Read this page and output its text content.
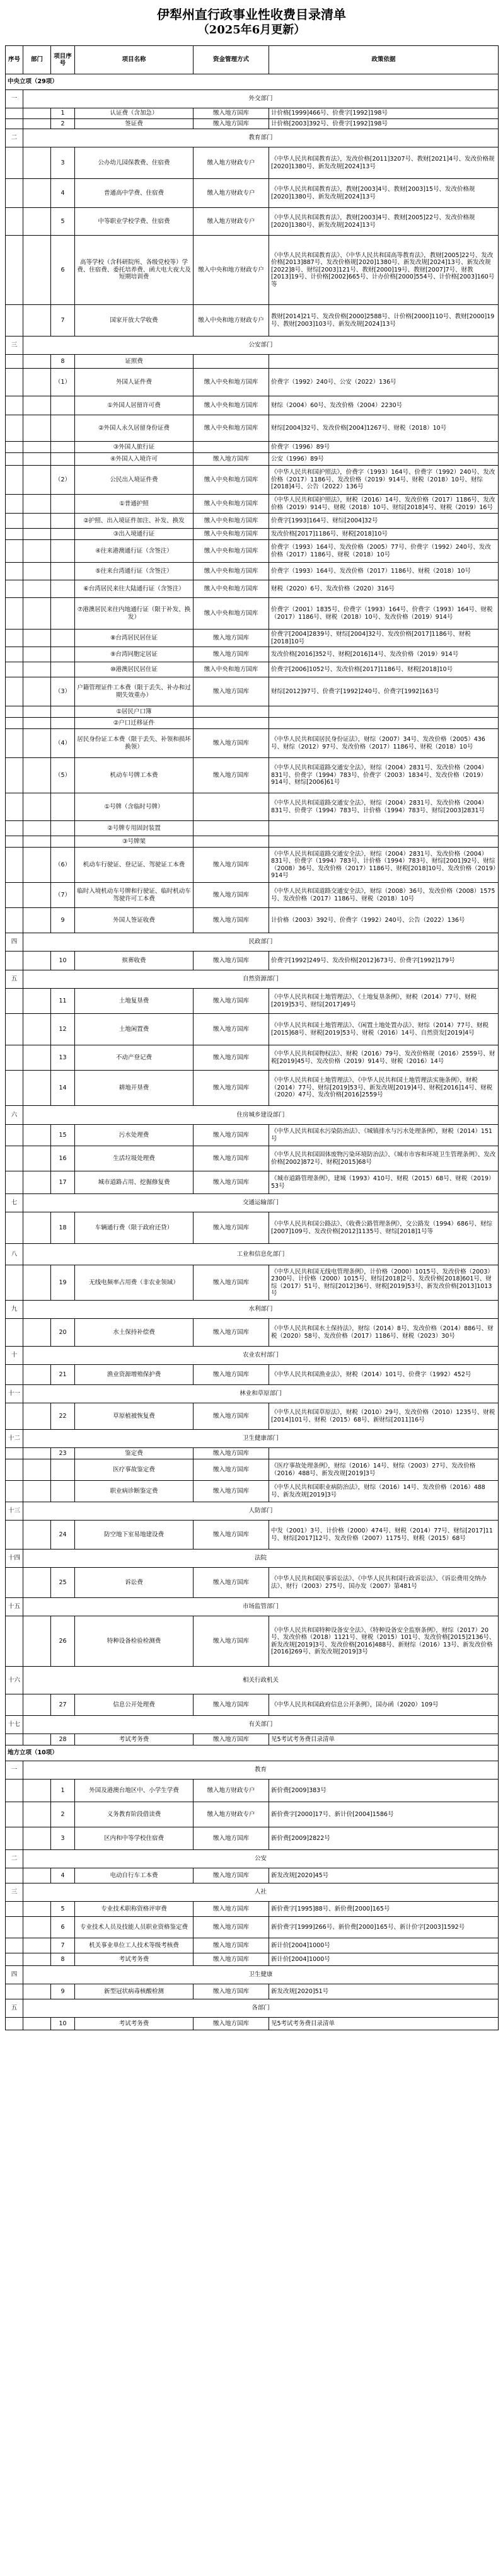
伊犁州直行政事业性收费目录清单
（2025年6月更新）
序号	部门	项目序号	项目名称	资金管理方式	政策依据
中央立项（29项）					
一	外交部门				
		1	认证费（含加急）	缴入地方国库	计价格[1999]466号、价费字[1992]198号
		2	签证费	缴入地方国库	计价格[2003]392号、价费字[1992]198号
二	教育部门				
		3	公办幼儿园保教费、住宿费	缴入地方财政专户	《中华人民共和国教育法》，发改价格[2011]3207号、教财[2021]4号、发改价格规[2020]1380号、新发改规[2024]13号
		4	普通高中学费、住宿费	缴入地方财政专户	《中华人民共和国教育法》，教财[2003]4号、教财[2003]15号、发改价格规[2020]1380号、新发改规[2024]13号
		5	中等职业学校学费、住宿费	缴入地方财政专户	《中华人民共和国教育法》，教财[2003]4号、教财[2005]22号、发改价格规[2020]1380号、新发改规[2024]13号
		6	高等学校（含科研院所、各级党校等）学费、住宿费、委托培养费、函大电大夜大及短期培训费	缴入中央和地方财政专户	《中华人民共和国教育法》、《中华人民共和国高等教育法》，教财[2005]22号、发改价格[2013]887号、发改价格规[2020]1380号、新发改规[2024]13号、新发改规[2022]8号、财综[2003]121号、教财[2000]19号、教财[2007]7号、财教[2013]19号、计价格[2002]665号、计办价格[2000]554号、计价格[2003]160号等
		7	国家开放大学收费	缴入中央和地方财政专户	教财[2014]21号、发改价格[2000]2588号、计价格[2000]110号、教财[2000]19号、教财[2003]103号、新发改规[2024]13号
三	公安部门				
		8	证照费		
		（1）	外国人证件费	缴入中央和地方国库	价费字（1992）240号、公安（2022）136号
			①外国人居留许可费	缴入中央和地方国库	财综（2004）60号、发改价格（2004）2230号
			②外国人永久居留身份证费	缴入中央和地方国库	财综[2004]32号、发改价格[2004]1267号、财税（2018）10号
			③外国人旅行证		价费字（1996）89号
			④外国人入境许可	缴入地方国库	公安（1996）89号
		（2）	公民出入境证件费	缴入中央和地方国库	《中华人民共和国护照法》，价费字（1993）164号、价费字（1992）240号、发改价格（2017）1186号、发改价格（2019）914号、财税（2018）10号、财综[2018]4号、公告（2022）136号
			①普通护照	缴入中央和地方国库	《中华人民共和国护照法》，财税（2016）14号、发改价格（2017）1186号、发改价格（2019）914号、财税（2018）10号、财综[2018]4号、财税（2019）16号
			②护照、出入境证件加注、补发、换发	缴入中央和地方国库	价费字[1993]164号、财综[2004]32号
			③出入境通行证	缴入中央和地方国库	发改价格[2017]1186号、财税[2018]10号
			④往来港澳通行证（含签注）	缴入中央和地方国库	价费字（1993）164号、发改价格（2005）77号、价费字（1992）240号、发改价格（2017）1186号、财税（2018）10号
			⑤往来台湾通行证（含签注）	缴入中央和地方国库	价费字（1993）164号、发改价格（2017）1186号、财税（2018）10号
			⑥台湾居民来往大陆通行证（含签注）	缴入中央和地方国库	财税（2020）6号、发改价格（2020）316号
			⑦港澳居民来往内地通行证（限于补发、换发）	缴入中央和地方国库	价费字（2001）1835号、价费字（1993）164号、价费字（1993）164号、财税（2017）1186号、财税（2018）10号、发改价格（2019）914号
			⑧台湾居民居住证	缴入地方国库	价费字[2004]2839号、财综[2004]32号、发改价格[2017]1186号、财税[2018]10号
			⑨台湾同胞定居证	缴入地方国库	发改价格[2016]352号、财税[2016]14号、发改价格（2019）914号
			⑩港澳居民居住证	缴入中央和地方国库	价费字[2006]1052号、发改价格[2017]1186号、财税[2018]10号
		（3）	户籍管理证件工本费（限于丢失、补办和过期失效重办）	缴入地方国库	财综[2012]97号、价费字[1992]240号、价费字[1992]163号
			①居民户口簿		
			②户口迁移证件		
		（4）	居民身份证工本费（限于丢失、补领和损坏换领）	缴入地方国库	《中华人民共和国居民身份证法》，财综（2007）34号、发改价格（2005）436号、财综（2012）97号、发改价格（2017）1186号、财税（2018）10号
		（5）	机动车号牌工本费	缴入地方国库	《中华人民共和国道路交通安全法》，财综（2004）2831号、发改价格（2004）831号、价费字（1994）783号、价费字（2003）1834号、发改价格（2019）914号、财综[2006]61号
			①号牌（含临时号牌）		《中华人民共和国道路交通安全法》，财综（2004）2831号、发改价格（2004）831号、价费字（1994）783号、计价格（1994）783号、财综[2003]2831号
			②号牌专用固封装置		
			③号牌架		
		（6）	机动车行驶证、登记证、驾驶证工本费	缴入地方国库	《中华人民共和国道路交通安全法》，财综（2004）2831号、发改价格（2004）831号、价费字（1994）783号、计价格（1994）783号、财综[2001]92号、财综（2008）36号、发改价格（2017）1186号、财税[2018]10号、发改价格（2019）914号
		（7）	临时入境机动车号牌和行驶证、临时机动车驾驶许可工本费	缴入地方国库	《中华人民共和国道路交通安全法》，财综（2008）36号、发改价格（2008）1575号、发改价格（2017）1186号、财税（2018）10号
		9	外国人签证收费	缴入地方国库	计价格（2003）392号、价费字（1992）240号、公告（2022）136号
四	民政部门				
		10	殡葬收费	缴入地方国库	价费字[1992]249号、发改价格[2012]673号、价费字[1992]179号
五	自然资源部门				
		11	土地复垦费	缴入地方国库	《中华人民共和国土地管理法》、《土地复垦条例》，财税（2014）77号、财税[2019]53号、财综[2017]49号
		12	土地闲置费	缴入地方国库	《中华人民共和国土地管理法》、《闲置土地处置办法》、财综（2014）77号、财税[2015]68号、财税[2019]53号、财税（2016）14号、自然资发[2019]4号
		13	不动产登记费	缴入地方国库	《中华人民共和国物权法》、财税（2016）79号、发改价格规（2016）2559号、财税[2019]45号、发改价格（2019）914号、财税（2016）14号
		14	耕地开垦费	缴入地方国库	《中华人民共和国土地管理法》、《中华人民共和国土地管理法实施条例》，财税（2014）77号、财综[2019]53号、新发改规[2019]4号、财税[2016]14号、财税（2020）47号、发改价格[2016]2559号
六	住房城乡建设部门				
		15	污水处理费	缴入地方国库	《中华人民共和国水污染防治法》、《城镇排水与污水处理条例》，财税（2014）151号
		16	生活垃圾处理费	缴入地方国库	《中华人民共和国固体废物污染环境防治法》、《城市市容和环境卫生管理条例》、发改价格[2002]872号、财税[2015]68号
		17	城市道路占用、挖掘修复费	缴入地方国库	《城市道路管理条例》，建城（1993）410号、财税（2015）68号、财税（2019）53号
七	交通运输部门				
		18	车辆通行费（限于政府还贷）	缴入地方国库	《中华人民共和国公路法》、《收费公路管理条例》，交公路发（1994）686号、财综[2007]109号、发改价格[2012]1135号、财综[2018]1号等
八	工业和信息化部门				
		19	无线电频率占用费（非农业领域）	缴入地方国库	《中华人民共和国无线电管理条例》，计价格（2000）1015号、发改价格（2003）2300号、计价格（2000）1015号、财综[2018]2号、发改价格[2018]601号、财综（2017）51号、财综[2012]36号、财税[2019]53号、新发改价格[2013]1013号
九	水利部门				
		20	水土保持补偿费	缴入地方国库	《中华人民共和国水土保持法》，财综（2014）8号、发改价格（2014）886号、财税（2020）58号、发改价格（2017）1186号、财税（2023）30号
十	农业农村部门				
		21	渔业资源增殖保护费	缴入地方国库	《中华人民共和国渔业法》，财税（2014）101号、价费字（1992）452号
十一	林业和草原部门				
		22	草原植被恢复费	缴入地方国库	《中华人民共和国草原法》，财税（2010）29号、发改价格（2010）1235号、财税[2014]101号、财税（2015）68号、新财综[2011]16号
十二	卫生健康部门				
		23	鉴定费	缴入地方国库	
			医疗事故鉴定费	缴入地方国库	《医疗事故处理条例》，财综（2016）14号、财综（2003）27号、发改价格（2016）488号、新发改规[2019]3号
			职业病诊断鉴定费	缴入地方国库	《中华人民共和国职业病防治法》，财综（2016）14号、发改价格（2016）488号、新发改规[2019]3号
十三	人防部门				
		24	防空地下室易地建设费	缴入地方国库	中发（2001）3号、计价格（2000）474号、财税（2014）77号、财综[2017]11号、财综[2017]12号、发改价格（2007）1175号、财税（2015）68号
十四	法院				
		25	诉讼费	缴入地方国库	《中华人民共和国民事诉讼法》、《中华人民共和国行政诉讼法》、《诉讼费用交纳办法》、财行（2003）275号、国办发（2007）第481号
十五	市场监管部门				
		26	特种设备检验检测费	缴入地方国库	《中华人民共和国特种设备安全法》、《特种设备安全监察条例》，财综（2017）20号、发改价格（2018）1121号、财税（2015）101号、发改价格[2015]2136号、新发改规[2019]3号、发改价格[2016]488号、新财综（2016）13号、新发改价格[2016]269号、新发改规[2019]3号
十六	相关行政机关				
		27	信息公开处理费	缴入地方国库	《中华人民共和国政府信息公开条例》，国办函（2020）109号
十七	有关部门				
		28	考试考务费	缴入地方国库	见5考试考务费目录清单
地方立项（10项）					
一	教育				
		1	外国及港澳台地区中、小学生学费	缴入地方财政专户	新价费[2009]383号
		2	义务教育阶段借读费	缴入地方财政专户	新价费字[2000]17号、新计价[2004]1586号
		3	区内和中等学校住宿费	缴入地方国库	新价费[2009]2822号
二	公安				
		4	电动自行车工本费	缴入地方国库	新发改规[2020]45号
三	人社				
		5	专业技术职称资格评审费	缴入地方国库	新价费字[1995]88号、新价费[2000]165号
		6	专业技术人员及技能人员职业资格鉴定费	缴入地方国库	新价费字[1999]266号、新价费[2000]165号、新计价字[2003]1592号
		7	机关事业单位工人技术等级考核费	缴入地方国库	新计价[2004]1000号
		8	考试考务费	缴入地方国库	新计价[2004]1000号
四	卫生健康				
		9	新型冠状病毒核酸检测	缴入地方国库	新发改规[2020]51号
五	各部门				
		10	考试考务费	缴入地方国库	见5考试考务费目录清单
